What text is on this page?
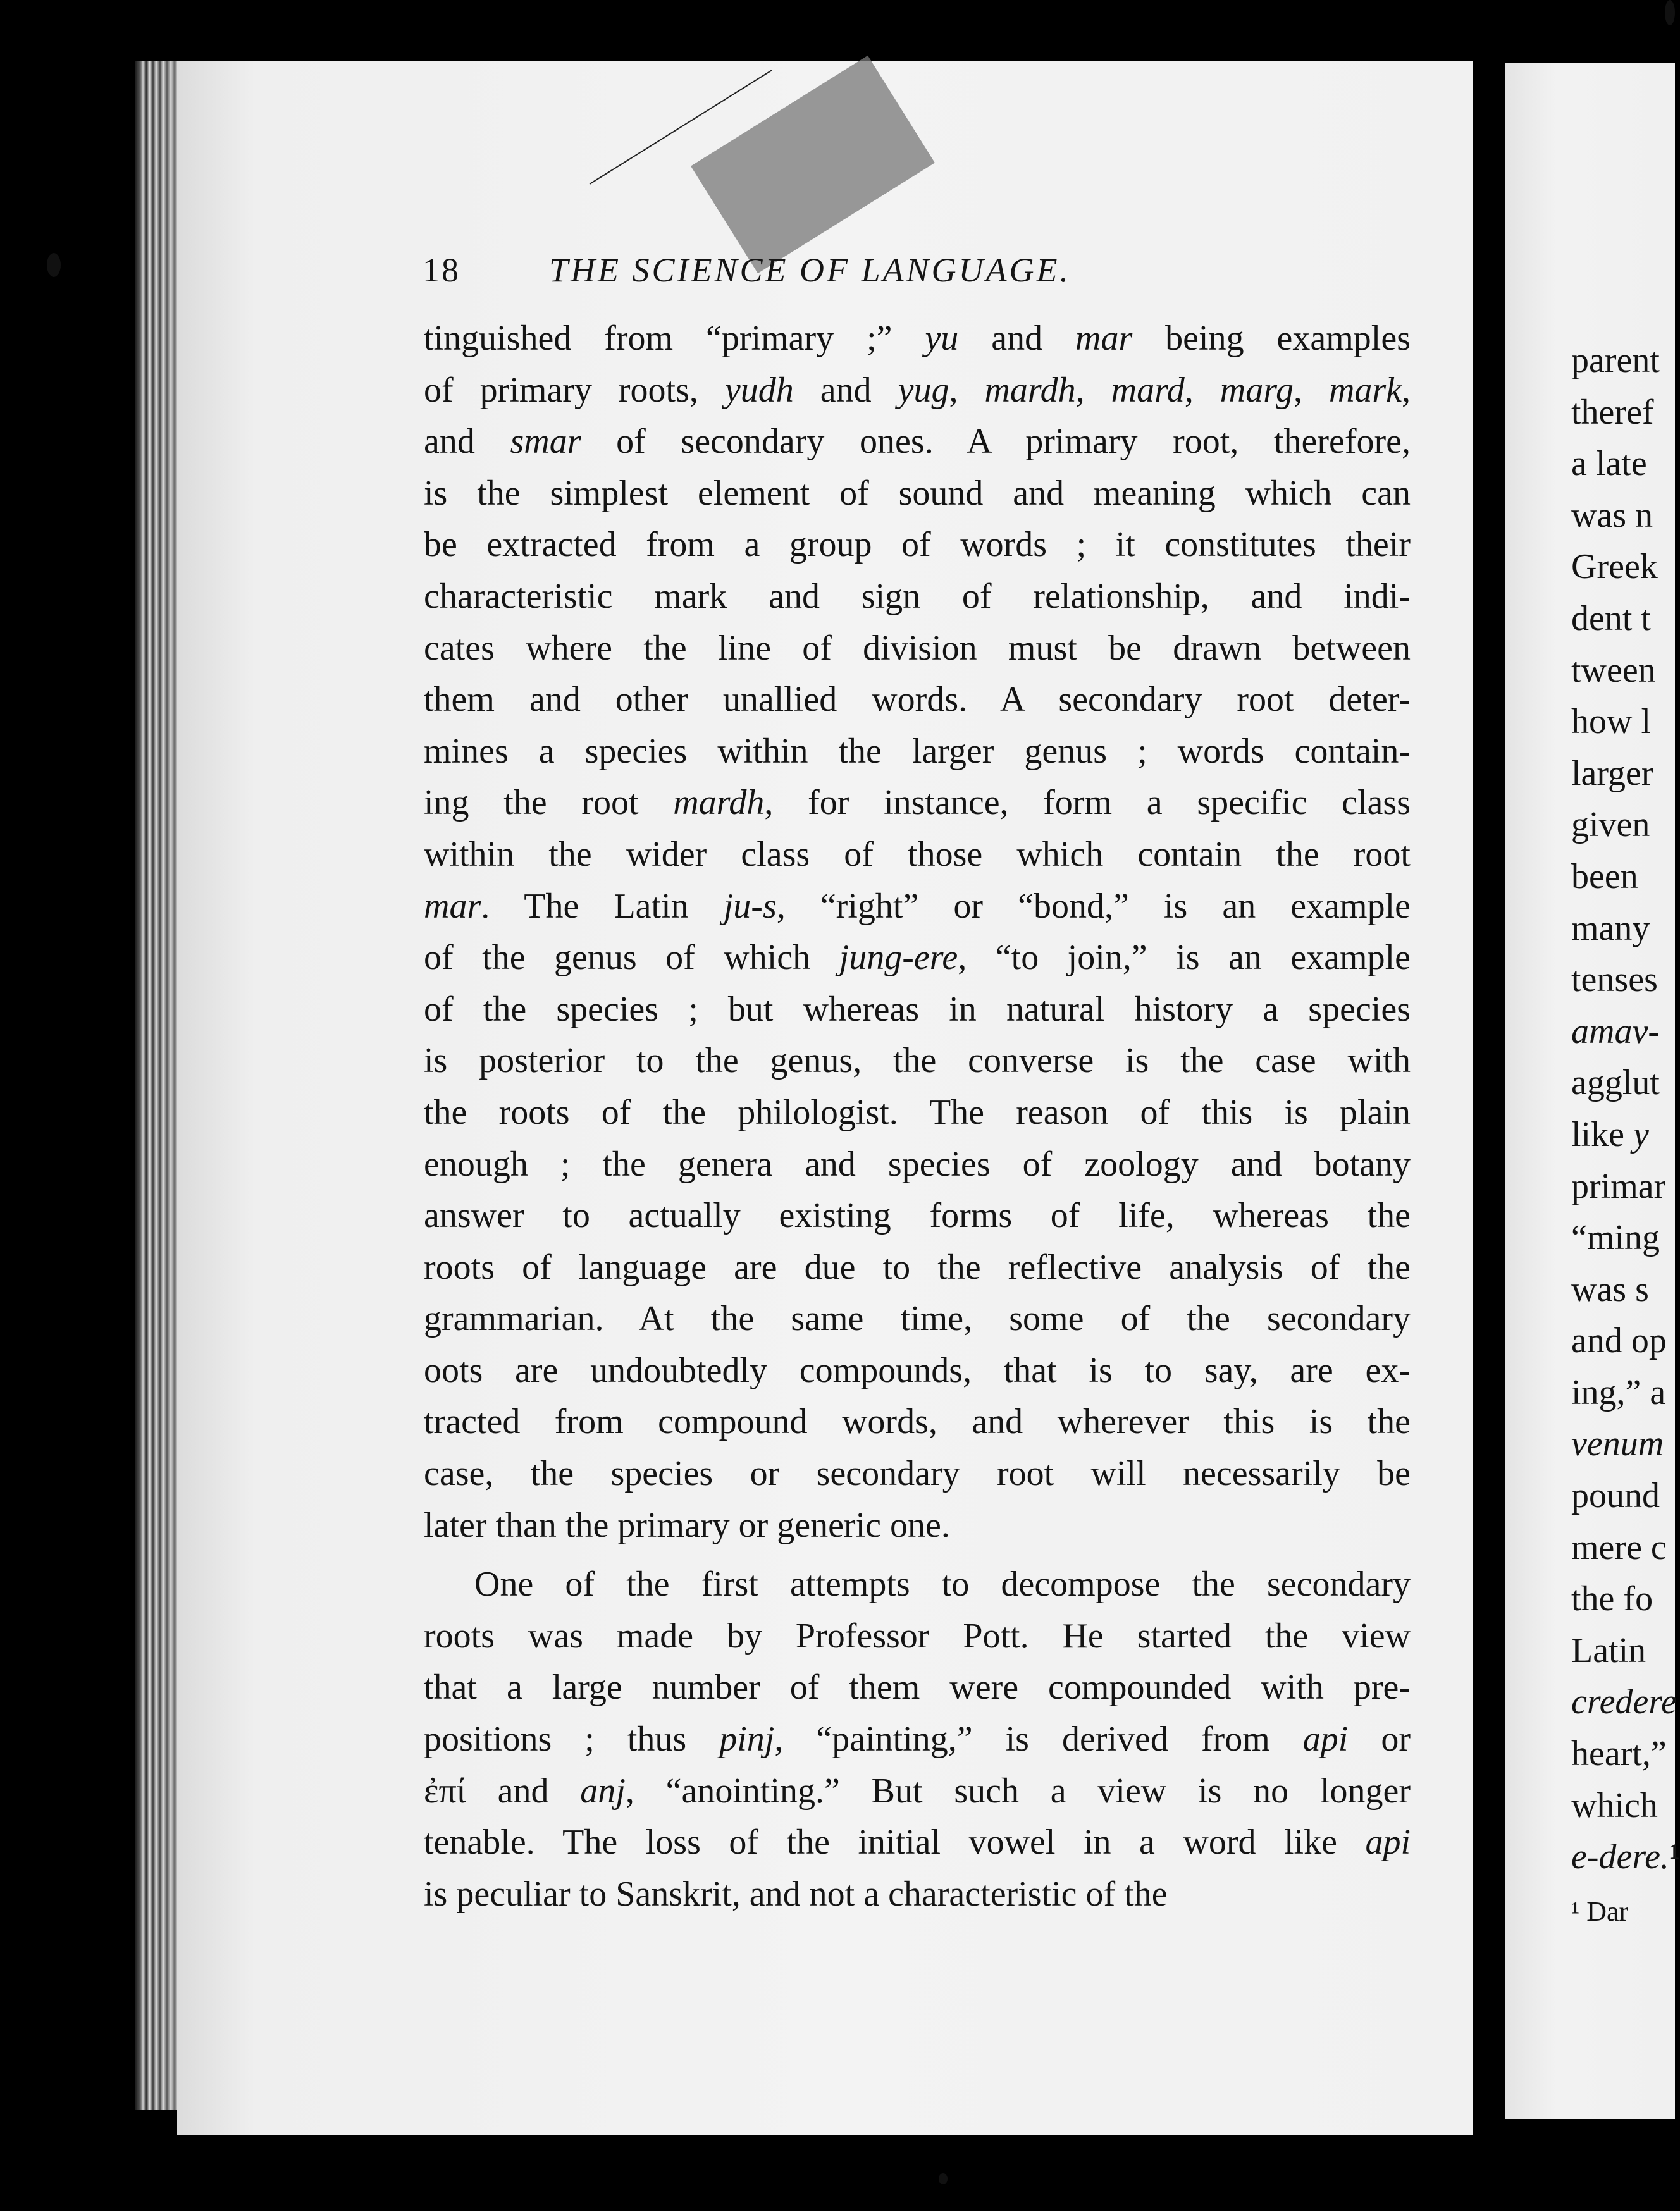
18	THE SCIENCE OF LANGUAGE.
tinguished from “primary ;” yu and mar being examples
of primary roots, yudh and yug, mardh, mard, marg, mark,
and smar of secondary ones. A primary root, therefore,
is the simplest element of sound and meaning which can
be extracted from a group of words ; it constitutes their
characteristic mark and sign of relationship, and indi-
cates where the line of division must be drawn between
them and other unallied words. A secondary root deter-
mines a species within the larger genus ; words contain-
ing the root mardh, for instance, form a specific class
within the wider class of those which contain the root
mar. The Latin ju-s, “right” or “bond,” is an example
of the genus of which jung-ere, “to join,” is an example
of the species ; but whereas in natural history a species
is posterior to the genus, the converse is the case with
the roots of the philologist. The reason of this is plain
enough ; the genera and species of zoology and botany
answer to actually existing forms of life, whereas the
roots of language are due to the reflective analysis of the
grammarian. At the same time, some of the secondary
oots are undoubtedly compounds, that is to say, are ex-
tracted from compound words, and wherever this is the
case, the species or secondary root will necessarily be
later than the primary or generic one.
One of the first attempts to decompose the secondary
roots was made by Professor Pott. He started the view
that a large number of them were compounded with pre-
positions ; thus pinj, “painting,” is derived from api or
ἐπί and anj, “anointing.” But such a view is no longer
tenable. The loss of the initial vowel in a word like api
is peculiar to Sanskrit, and not a characteristic of the
parent
theref
a late
was n
Greek
dent t
tween
how l
larger
given
been
many
tenses
amav-
agglut
like y
primar
“ming
was s
and op
ing,” a
venum
pound
mere c
the fo
Latin
credere
heart,”
which
e-dere.¹
¹ Dar
